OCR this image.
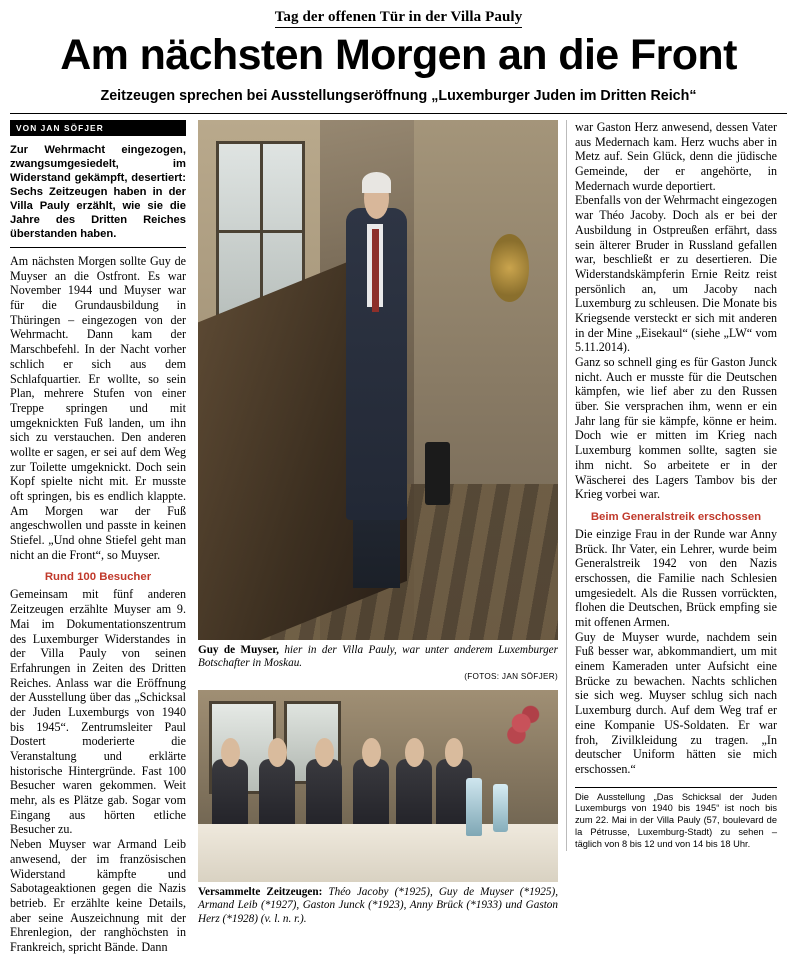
Tag der offenen Tür in der Villa Pauly
Am nächsten Morgen an die Front
Zeitzeugen sprechen bei Ausstellungseröffnung „Luxemburger Juden im Dritten Reich“
VON JAN SÖFJER
Zur Wehrmacht eingezogen, zwangsumgesiedelt, im Widerstand gekämpft, desertiert: Sechs Zeitzeugen haben in der Villa Pauly erzählt, wie sie die Jahre des Dritten Reiches überstanden haben.

Am nächsten Morgen sollte Guy de Muyser an die Ostfront. Es war November 1944 und Muyser war für die Grundausbildung in Thüringen – eingezogen von der Wehrmacht. Dann kam der Marschbefehl. In der Nacht vorher schlich er sich aus dem Schlafquartier. Er wollte, so sein Plan, mehrere Stufen von einer Treppe springen und mit umgeknickten Fuß landen, um ihn sich zu verstauchen. Den anderen wollte er sagen, er sei auf dem Weg zur Toilette umgeknickt. Doch sein Kopf spielte nicht mit. Er musste oft springen, bis es endlich klappte. Am Morgen war der Fuß angeschwollen und passte in keinen Stiefel. „Und ohne Stiefel geht man nicht an die Front“, so Muyser.

Rund 100 Besucher

Gemeinsam mit fünf anderen Zeitzeugen erzählte Muyser am 9. Mai im Dokumentationszentrum des Luxemburger Widerstandes in der Villa Pauly von seinen Erfahrungen in Zeiten des Dritten Reiches. Anlass war die Eröffnung der Ausstellung über das „Schicksal der Juden Luxemburgs von 1940 bis 1945“. Zentrumsleiter Paul Dostert moderierte die Veranstaltung und erklärte historische Hintergründe. Fast 100 Besucher waren gekommen. Weit mehr, als es Plätze gab. Sogar vom Eingang aus hörten etliche Besucher zu.

Neben Muyser war Armand Leib anwesend, der im französischen Widerstand kämpfte und Sabotageaktionen gegen die Nazis betrieb. Er erzählte keine Details, aber seine Auszeichnung mit der Ehrenlegion, der ranghöchsten in Frankreich, spricht Bände. Dann

Guy de Muyser, hier in der Villa Pauly, war unter anderem Luxemburger Botschafter in Moskau.
(FOTOS: JAN SÖFJER)
Versammelte Zeitzeugen: Théo Jacoby (*1925), Guy de Muyser (*1925), Armand Leib (*1927), Gaston Junck (*1923), Anny Brück (*1933) und Gaston Herz (*1928) (v. l. n. r.).

war Gaston Herz anwesend, dessen Vater aus Medernach kam. Herz wuchs aber in Metz auf. Sein Glück, denn die jüdische Gemeinde, der er angehörte, in Medernach wurde deportiert.

Ebenfalls von der Wehrmacht eingezogen war Théo Jacoby. Doch als er bei der Ausbildung in Ostpreußen erfährt, dass sein älterer Bruder in Russland gefallen war, beschließt er zu desertieren. Die Widerstandskämpferin Ernie Reitz reist persönlich an, um Jacoby nach Luxemburg zu schleusen. Die Monate bis Kriegsende versteckt er sich mit anderen in der Mine „Eisekaul“ (siehe „LW“ vom 5.11.2014).

Ganz so schnell ging es für Gaston Junck nicht. Auch er musste für die Deutschen kämpfen, wie lief aber zu den Russen über. Sie versprachen ihm, wenn er ein Jahr lang für sie kämpfe, könne er heim. Doch wie er mitten im Krieg nach Luxemburg kommen sollte, sagten sie ihm nicht. So arbeitete er in der Wäscherei des Lagers Tambov bis der Krieg vorbei war.

Beim Generalstreik erschossen

Die einzige Frau in der Runde war Anny Brück. Ihr Vater, ein Lehrer, wurde beim Generalstreik 1942 von den Nazis erschossen, die Familie nach Schlesien umgesiedelt. Als die Russen vorrückten, flohen die Deutschen, Brück empfing sie mit offenen Armen.

Guy de Muyser wurde, nachdem sein Fuß besser war, abkommandiert, um mit einem Kameraden unter Aufsicht eine Brücke zu bewachen. Nachts schlichen sie sich weg. Muyser schlug sich nach Luxemburg durch. Auf dem Weg traf er eine Kompanie US-Soldaten. Er war froh, Zivilkleidung zu tragen. „In deutscher Uniform hätten sie mich erschossen.“

Die Ausstellung „Das Schicksal der Juden Luxemburgs von 1940 bis 1945“ ist noch bis zum 22. Mai in der Villa Pauly (57, boulevard de la Pétrusse, Luxemburg-Stadt) zu sehen – täglich von 8 bis 12 und von 14 bis 18 Uhr.
